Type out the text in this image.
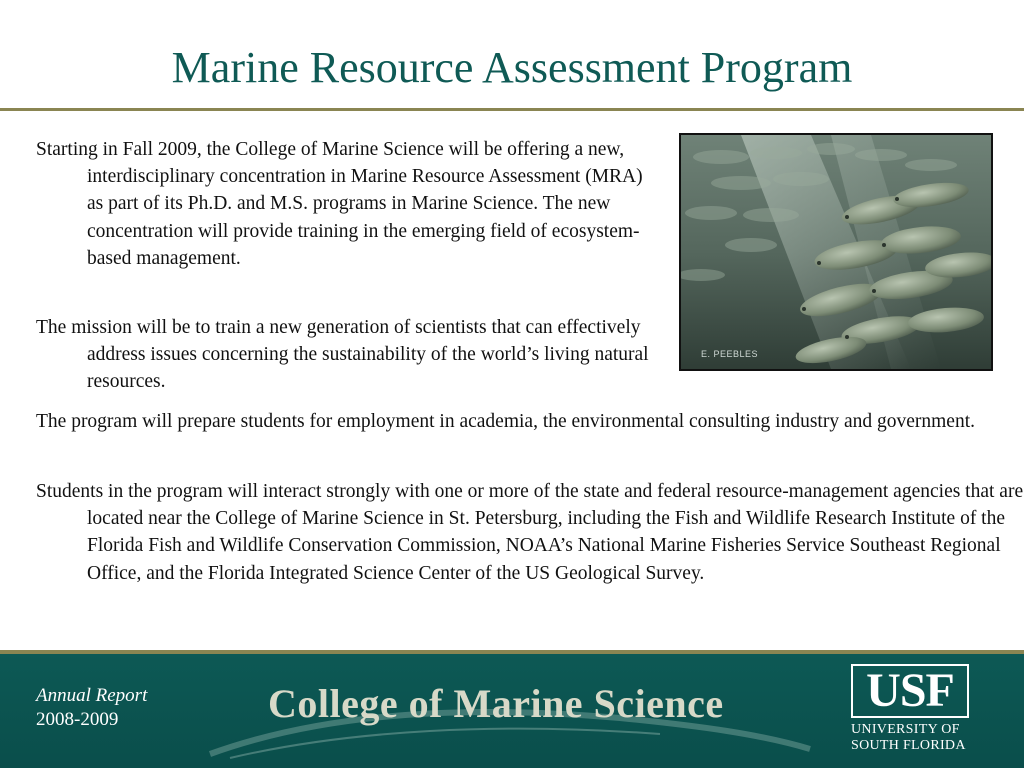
Marine Resource Assessment Program

Starting in Fall 2009, the College of Marine Science will be offering a new, interdisciplinary concentration in Marine Resource Assessment (MRA) as part of its Ph.D. and M.S. programs in Marine Science. The new concentration will provide training in the emerging field of ecosystem-based management.

The mission will be to train a new generation of scientists that can effectively address issues concerning the sustainability of the world’s living natural resources.

The program will prepare students for employment in academia, the environmental consulting industry and government.

Students in the program will interact strongly with one or more of the state and federal resource-management agencies that are located near the College of Marine Science in St. Petersburg, including the Fish and Wildlife Research Institute of the Florida Fish and Wildlife Conservation Commission, NOAA’s National Marine Fisheries Service Southeast Regional Office, and the Florida Integrated Science Center of the US Geological Survey.

E. PEEBLES
Annual Report
2008-2009	College of Marine Science	USF
UNIVERSITY OF
SOUTH FLORIDA
